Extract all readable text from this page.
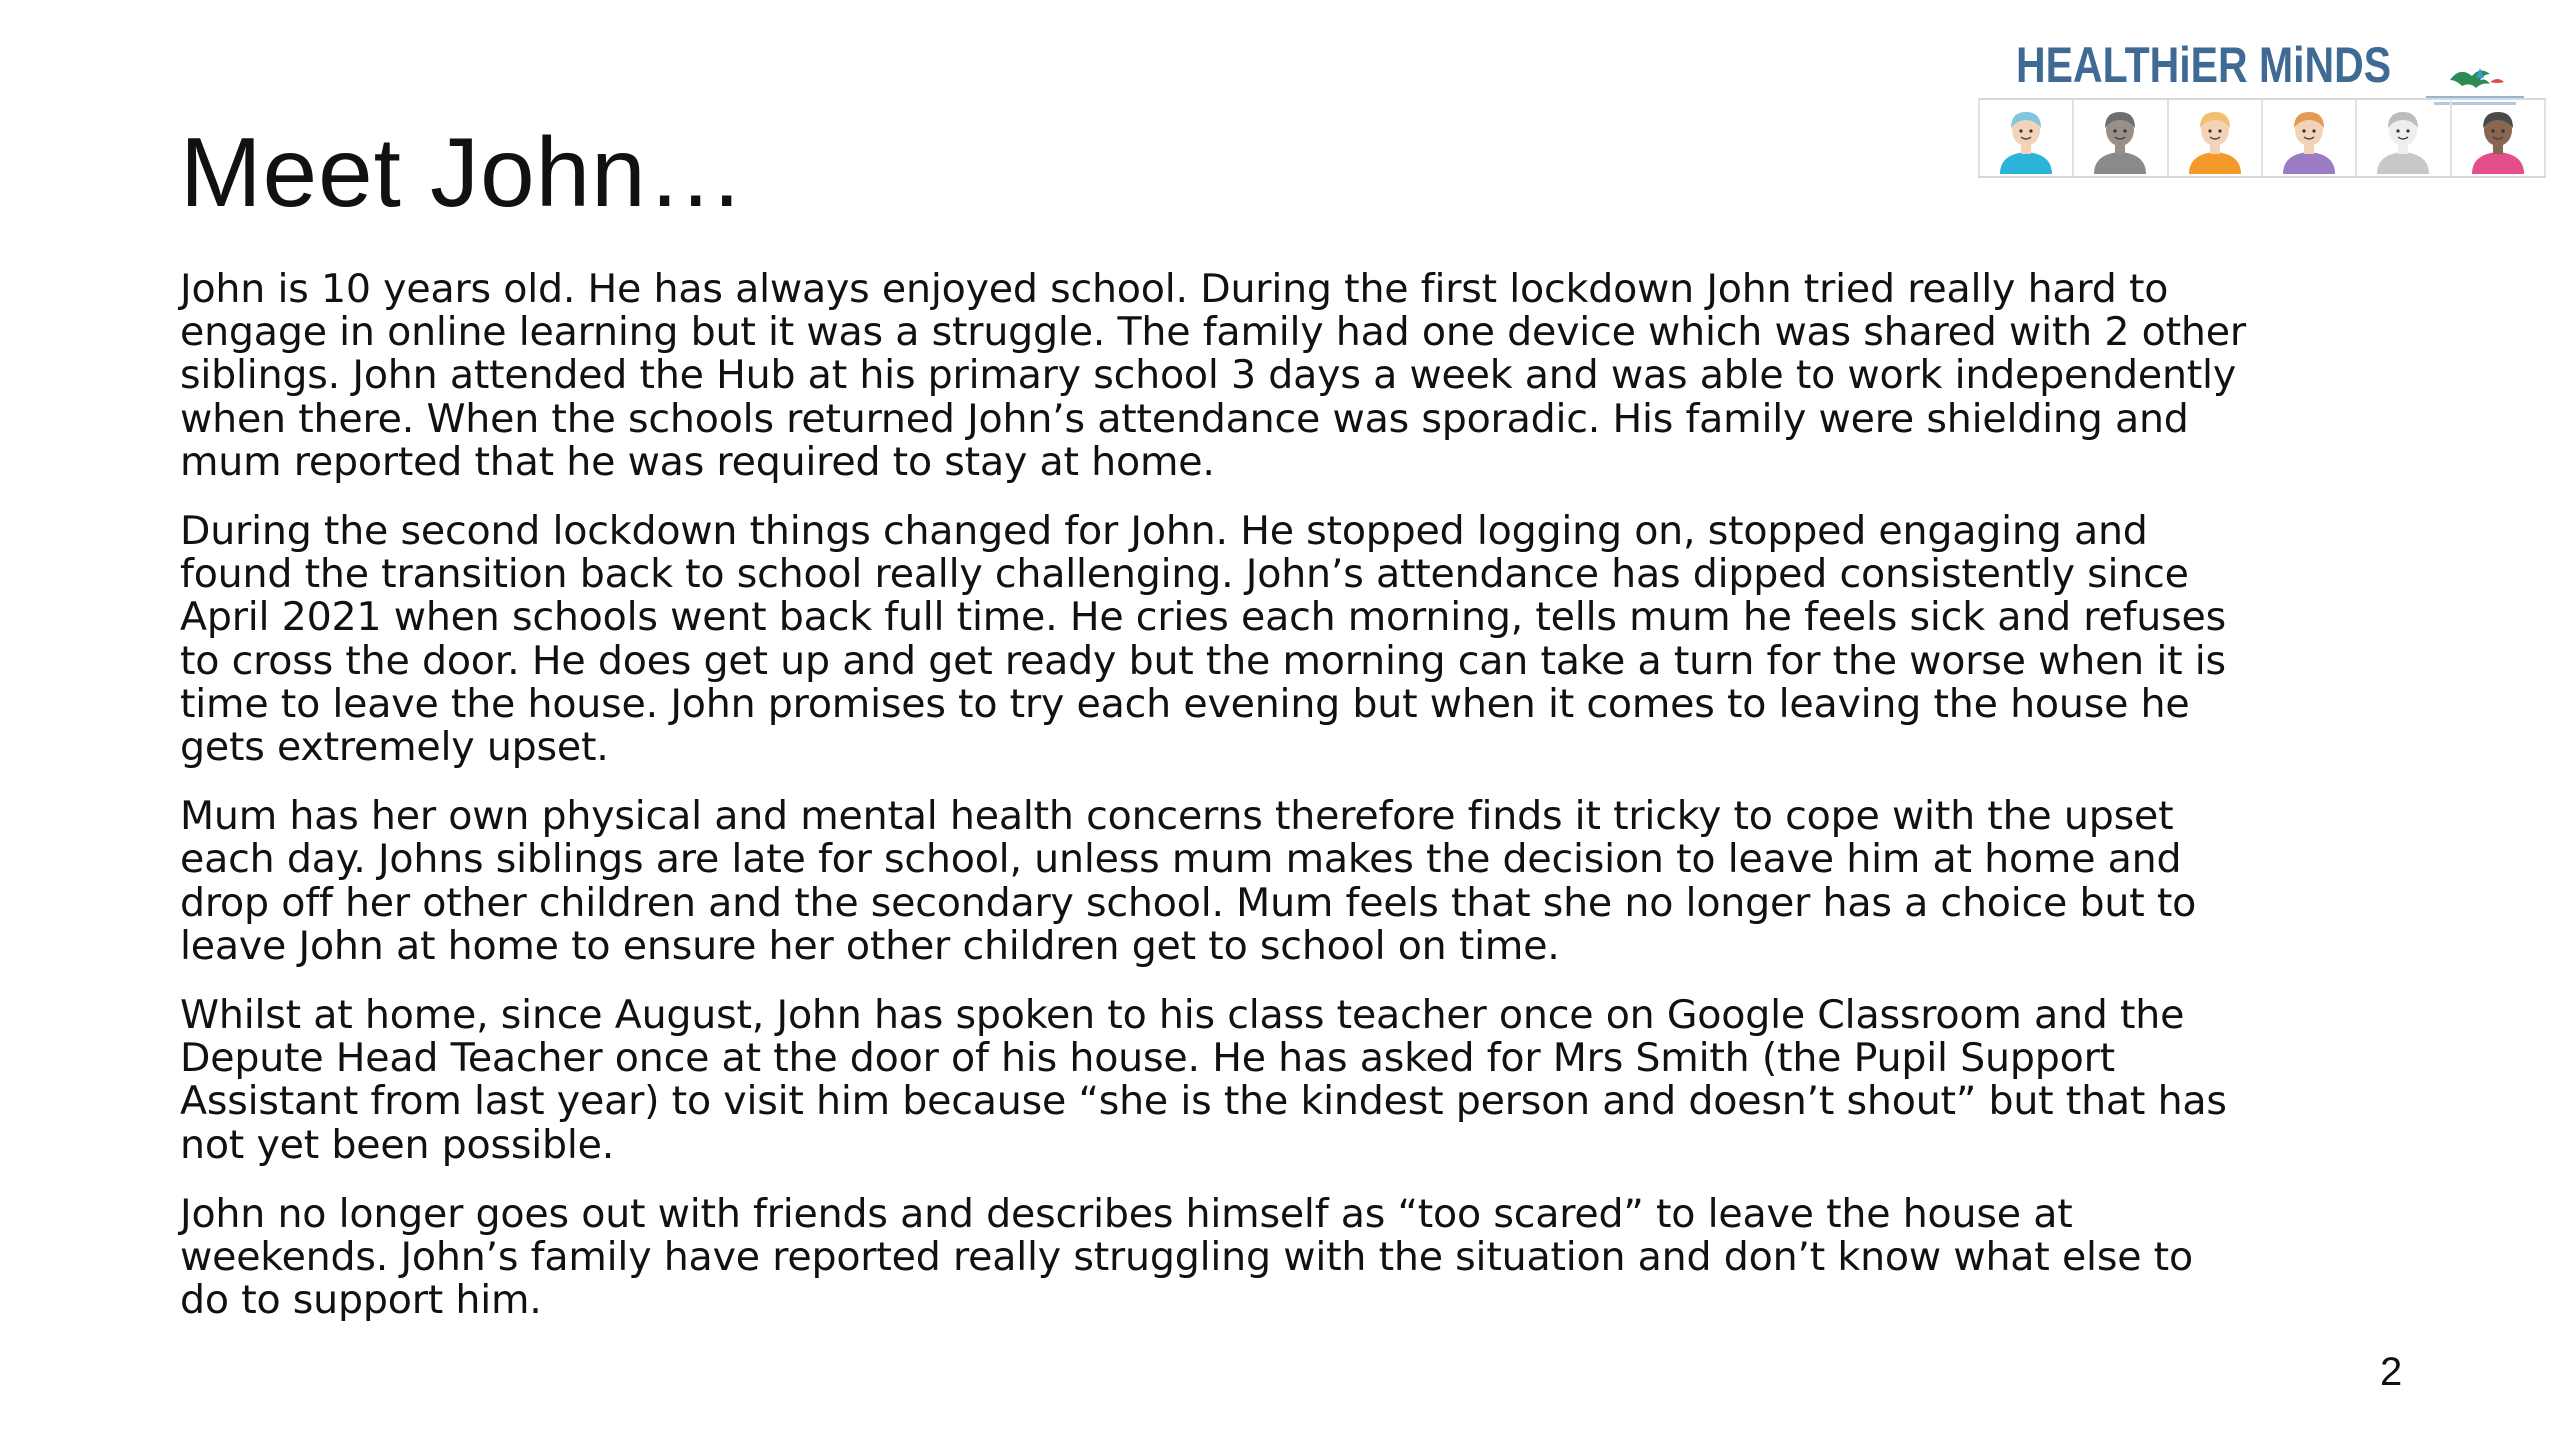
HEALTHiER MiNDS
Meet John…

John is 10 years old. He has always enjoyed school. During the first lockdown John tried really hard to
engage in online learning but it was a struggle. The family had one device which was shared with 2 other
siblings. John attended the Hub at his primary school 3 days a week and was able to work independently
when there. When the schools returned John’s attendance was sporadic. His family were shielding and
mum reported that he was required to stay at home.

During the second lockdown things changed for John. He stopped logging on, stopped engaging and
found the transition back to school really challenging. John’s attendance has dipped consistently since
April 2021 when schools went back full time. He cries each morning, tells mum he feels sick and refuses
to cross the door. He does get up and get ready but the morning can take a turn for the worse when it is
time to leave the house. John promises to try each evening but when it comes to leaving the house he
gets extremely upset.

Mum has her own physical and mental health concerns therefore finds it tricky to cope with the upset
each day. Johns siblings are late for school, unless mum makes the decision to leave him at home and
drop off her other children and the secondary school. Mum feels that she no longer has a choice but to
leave John at home to ensure her other children get to school on time.

Whilst at home, since August, John has spoken to his class teacher once on Google Classroom and the
Depute Head Teacher once at the door of his house. He has asked for Mrs Smith (the Pupil Support
Assistant from last year) to visit him because “she is the kindest person and doesn’t shout” but that has
not yet been possible.

John no longer goes out with friends and describes himself as “too scared” to leave the house at
weekends. John’s family have reported really struggling with the situation and don’t know what else to
do to support him.

2
